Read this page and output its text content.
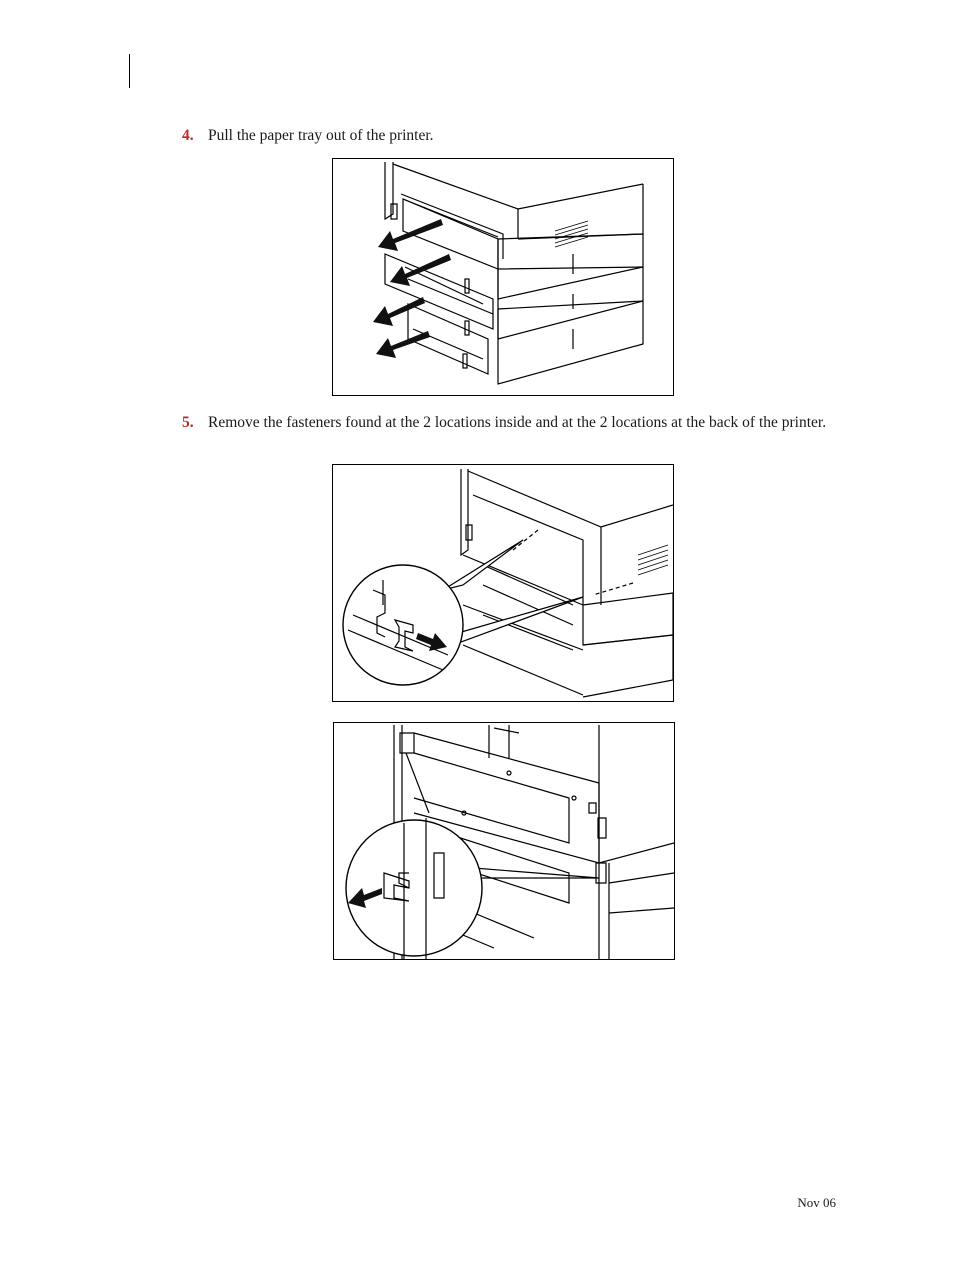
4. Pull the paper tray out of the printer.
5. Remove the fasteners found at the 2 locations inside and at the 2 locations at the back of the printer.
Nov 06
